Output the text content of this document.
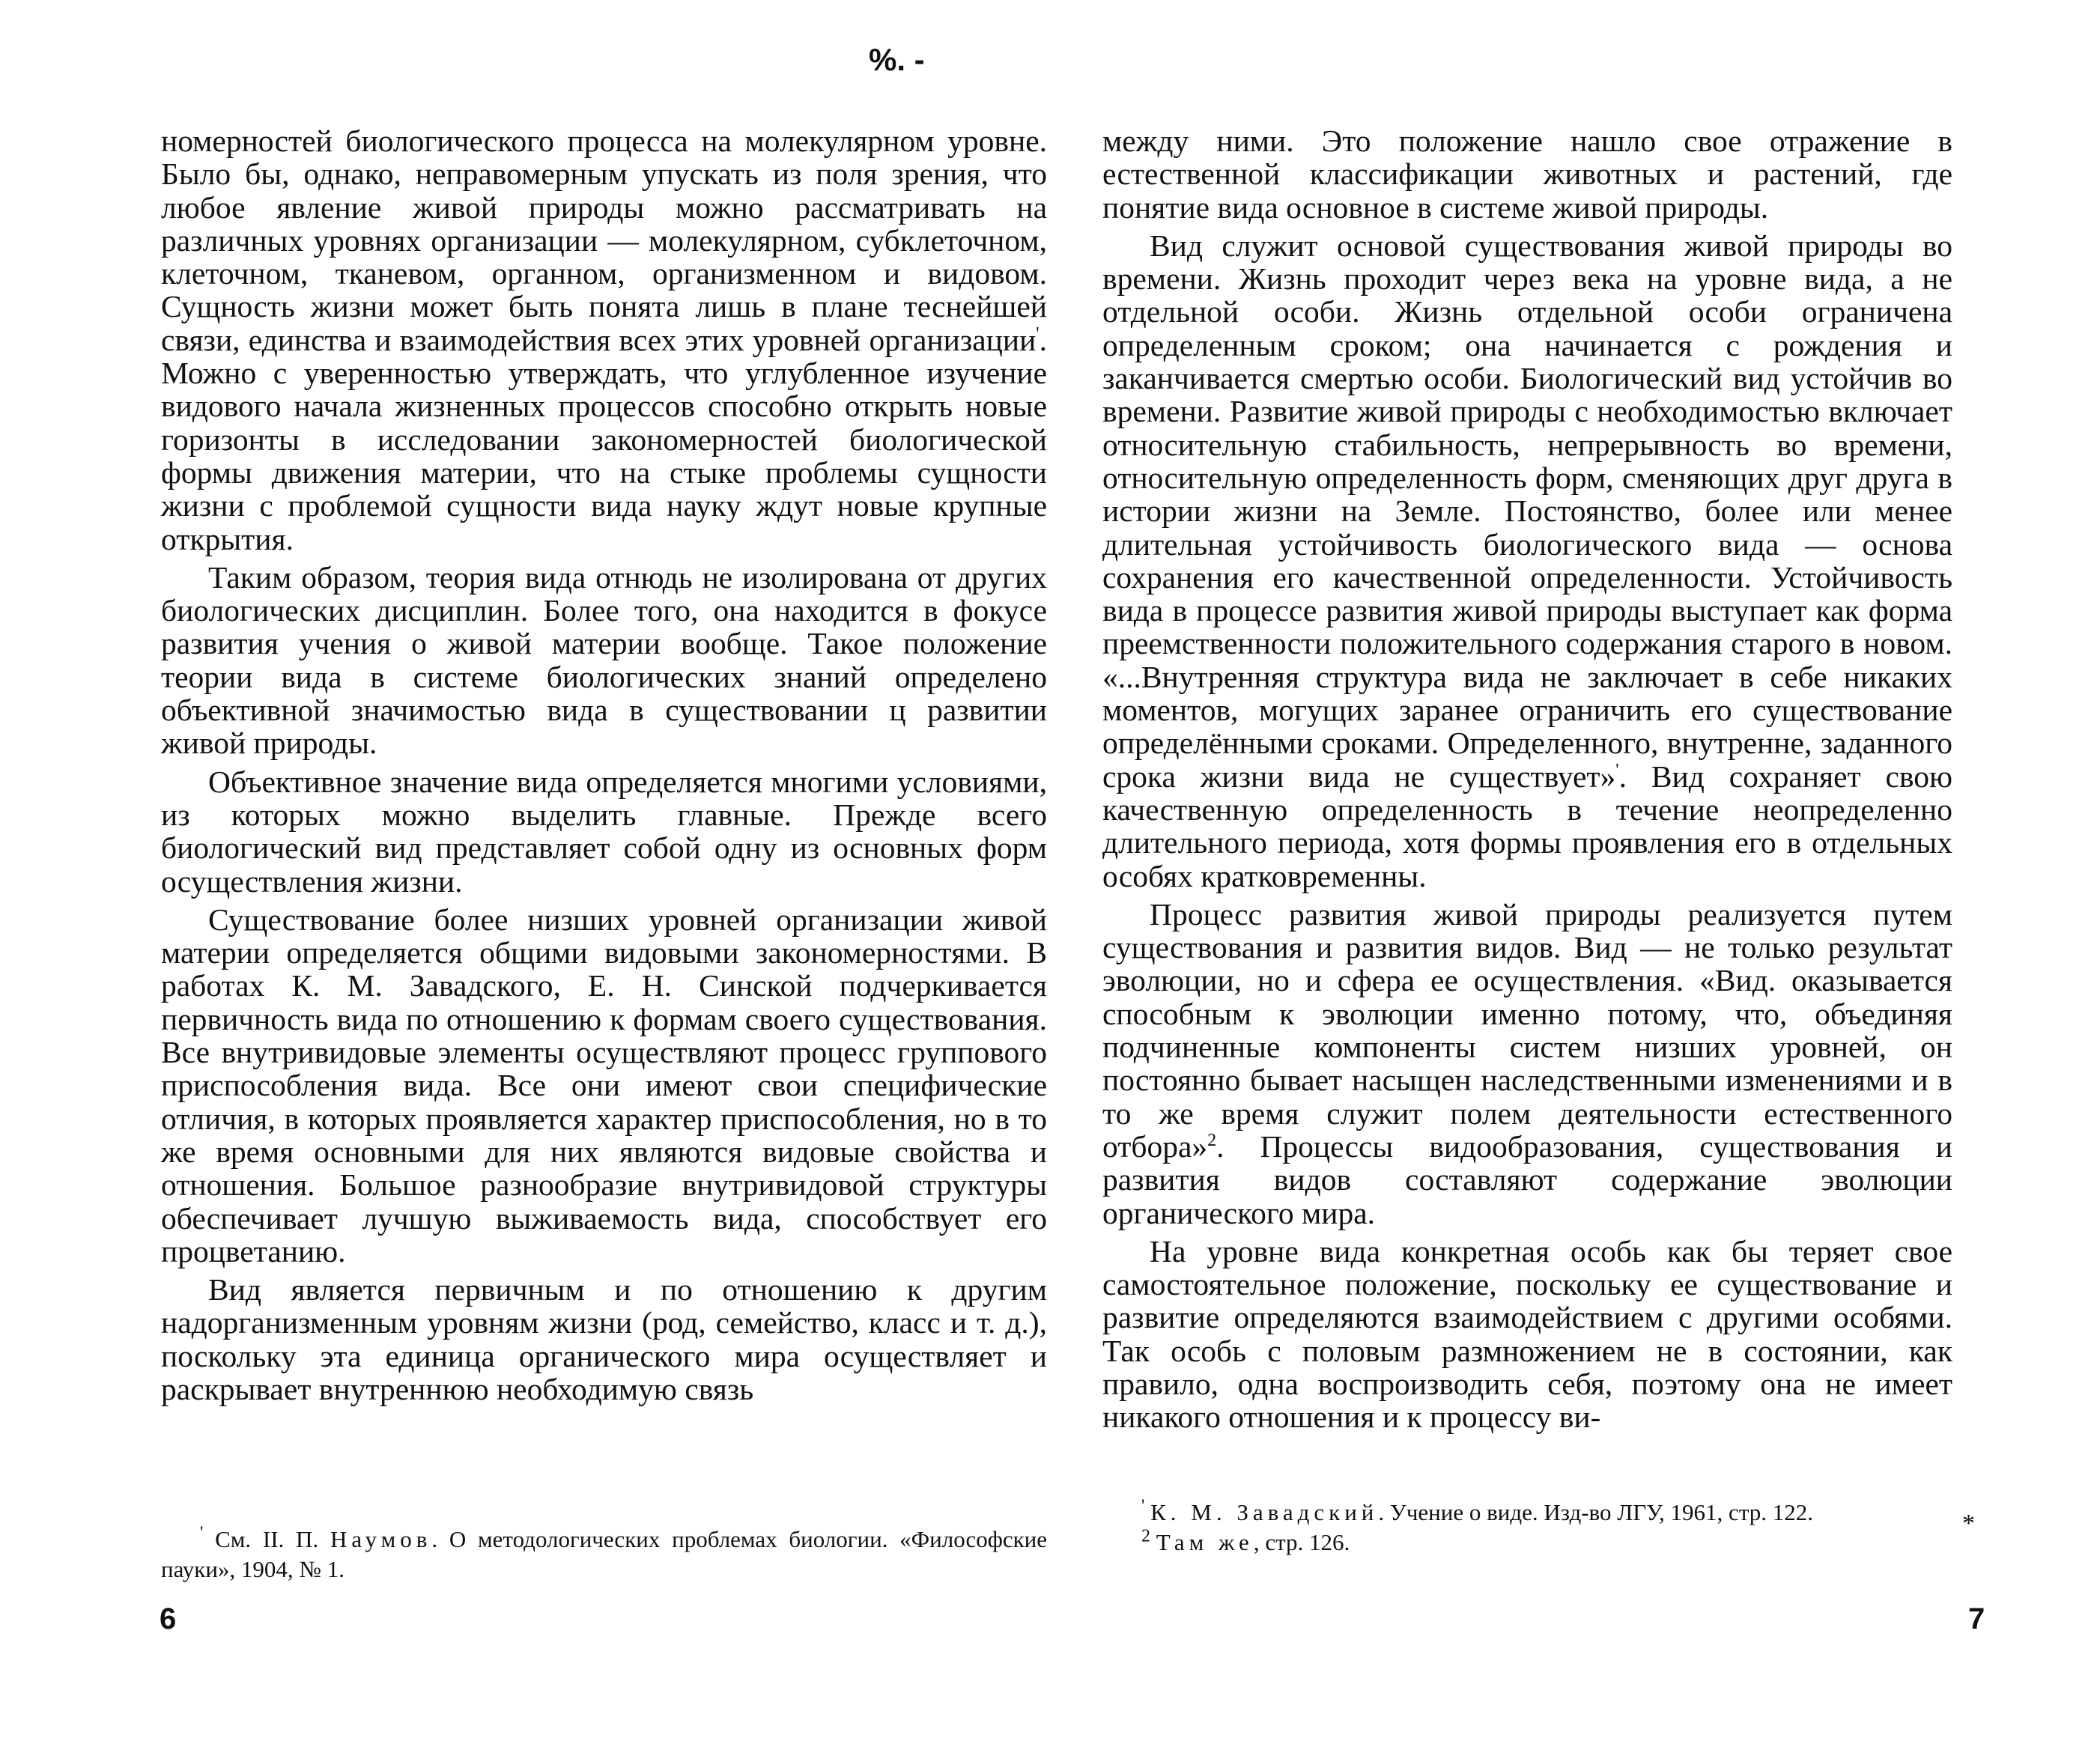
%. -

номерностей биологического процесса на молекулярном уровне. Было бы, однако, неправомерным упускать из поля зрения, что любое явление живой природы можно рассматривать на различных уровнях организации — молекулярном, субклеточном, клеточном, тканевом, органном, организменном и видовом. Сущность жизни может быть понята лишь в плане теснейшей связи, единства и взаимодействия всех этих уровней организации'. Можно с уверенностью утверждать, что углубленное изучение видового начала жизненных процессов способно открыть новые горизонты в исследовании закономерностей биологической формы движения материи, что на стыке проблемы сущности жизни с проблемой сущности вида науку ждут новые крупные открытия.

Таким образом, теория вида отнюдь не изолирована от других биологических дисциплин. Более того, она находится в фокусе развития учения о живой материи вообще. Такое положение теории вида в системе биологических знаний определено объективной значимостью вида в существовании ц развитии живой природы.

Объективное значение вида определяется многими условиями, из которых можно выделить главные. Прежде всего биологический вид представляет собой одну из основных форм осуществления жизни.

Существование более низших уровней организации живой материи определяется общими видовыми закономерностями. В работах К. М. Завадского, Е. Н. Синской подчеркивается первичность вида по отношению к формам своего существования. Все внутривидовые элементы осуществляют процесс группового приспособления вида. Все они имеют свои специфические отличия, в которых проявляется характер приспособления, но в то же время основными для них являются видовые свойства и отношения. Большое разнообразие внутривидовой структуры обеспечивает лучшую выживаемость вида, способствует его процветанию.

Вид является первичным и по отношению к другим надорганизменным уровням жизни (род, семейство, класс и т. д.), поскольку эта единица органического мира осуществляет и раскрывает внутреннюю необходимую связь

' См. II. П. Наумов. О методологических проблемах биологии. «Философские пауки», 1904, № 1.

6

между ними. Это положение нашло свое отражение в естественной классификации животных и растений, где понятие вида основное в системе живой природы.

Вид служит основой существования живой природы во времени. Жизнь проходит через века на уровне вида, а не отдельной особи. Жизнь отдельной особи ограничена определенным сроком; она начинается с рождения и заканчивается смертью особи. Биологический вид устойчив во времени. Развитие живой природы с необходимостью включает относительную стабильность, непрерывность во времени, относительную определенность форм, сменяющих друг друга в истории жизни на Земле. Постоянство, более или менее длительная устойчивость биологического вида — основа сохранения его качественной определенности. Устойчивость вида в процессе развития живой природы выступает как форма преемственности положительного содержания старого в новом. «...Внутренняя структура вида не заключает в себе никаких моментов, могущих заранее ограничить его существование определёнными сроками. Определенного, внутренне, заданного срока жизни вида не существует»'. Вид сохраняет свою качественную определенность в течение неопределенно длительного периода, хотя формы проявления его в отдельных особях кратковременны.

Процесс развития живой природы реализуется путем существования и развития видов. Вид — не только результат эволюции, но и сфера ее осуществления. «Вид. оказывается способным к эволюции именно потому, что, объединяя подчиненные компоненты систем низших уровней, он постоянно бывает насыщен наследственными изменениями и в то же время служит полем деятельности естественного отбора»$^2$. Процессы видообразования, существования и развития видов составляют содержание эволюции органического мира.

На уровне вида конкретная особь как бы теряет свое самостоятельное положение, поскольку ее существование и развитие определяются взаимодействием с другими особями. Так особь с половым размножением не в состоянии, как правило, одна воспроизводить себя, поэтому она не имеет никакого отношения и к процессу ви-

' К. М. Завадский. Учение о виде. Изд-во ЛГУ, 1961, стр. 122.

$^2$ Там же, стр. 126.

*
7
